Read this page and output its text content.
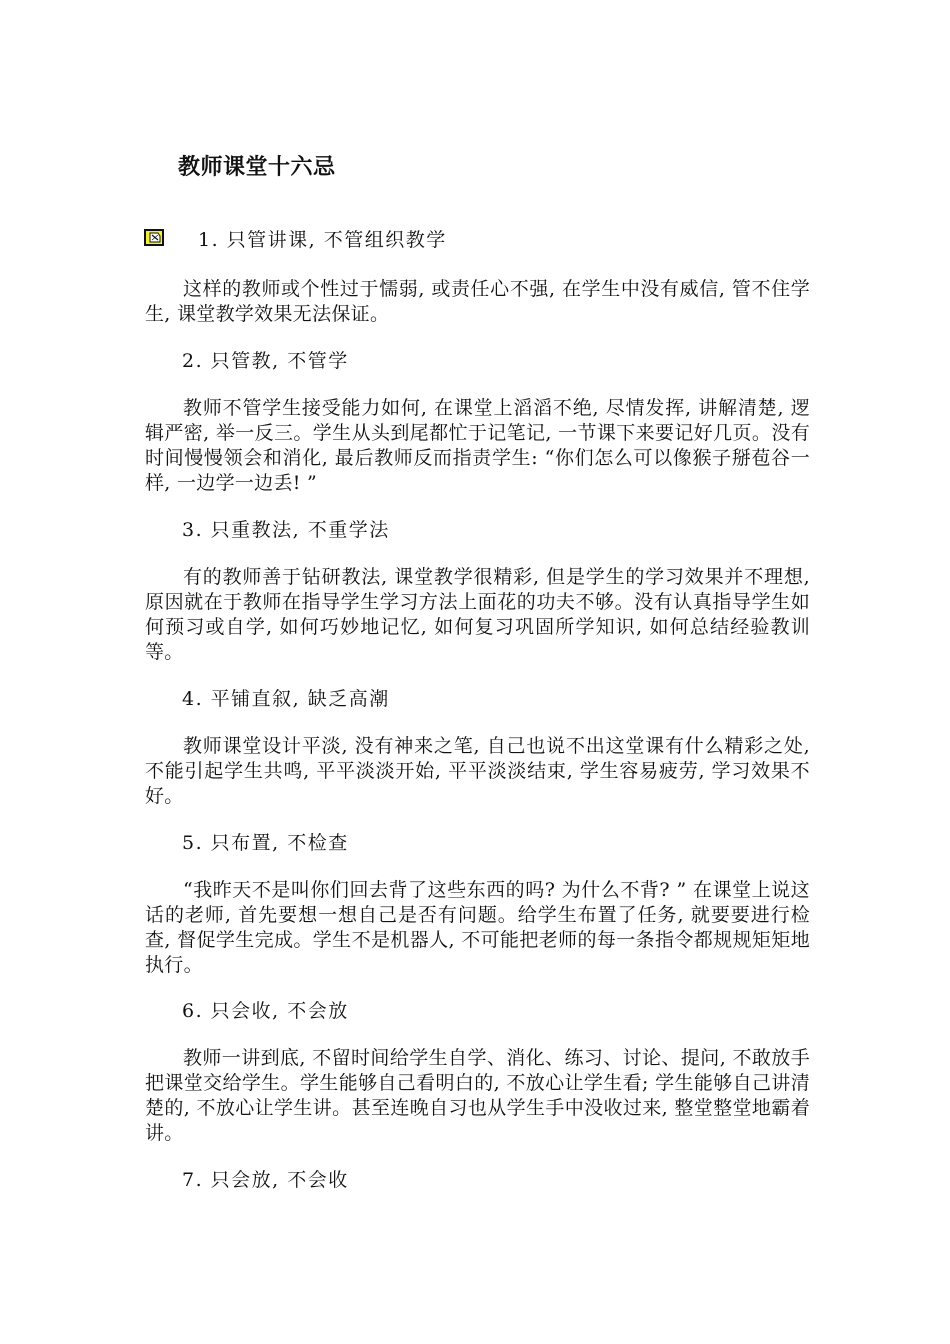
教师课堂十六忌
1. 只管讲课, 不管组织教学
这样的教师或个性过于懦弱, 或责任心不强, 在学生中没有威信, 管不住学生, 课堂教学效果无法保证。
2. 只管教, 不管学
教师不管学生接受能力如何, 在课堂上滔滔不绝, 尽情发挥, 讲解清楚, 逻辑严密, 举一反三。学生从头到尾都忙于记笔记, 一节课下来要记好几页。没有时间慢慢领会和消化, 最后教师反而指责学生: “你们怎么可以像猴子掰苞谷一样, 一边学一边丢! ”
3. 只重教法, 不重学法
有的教师善于钻研教法, 课堂教学很精彩, 但是学生的学习效果并不理想, 原因就在于教师在指导学生学习方法上面花的功夫不够。没有认真指导学生如何预习或自学, 如何巧妙地记忆, 如何复习巩固所学知识, 如何总结经验教训等。
4. 平铺直叙, 缺乏高潮
教师课堂设计平淡, 没有神来之笔, 自己也说不出这堂课有什么精彩之处, 不能引起学生共鸣, 平平淡淡开始, 平平淡淡结束, 学生容易疲劳, 学习效果不好。
5. 只布置, 不检查
“我昨天不是叫你们回去背了这些东西的吗? 为什么不背? ” 在课堂上说这话的老师, 首先要想一想自己是否有问题。给学生布置了任务, 就要要进行检查, 督促学生完成。学生不是机器人, 不可能把老师的每一条指令都规规矩矩地执行。
6. 只会收, 不会放
教师一讲到底, 不留时间给学生自学、消化、练习、讨论、提问, 不敢放手把课堂交给学生。学生能够自己看明白的, 不放心让学生看; 学生能够自己讲清楚的, 不放心让学生讲。甚至连晚自习也从学生手中没收过来, 整堂整堂地霸着讲。
7. 只会放, 不会收
